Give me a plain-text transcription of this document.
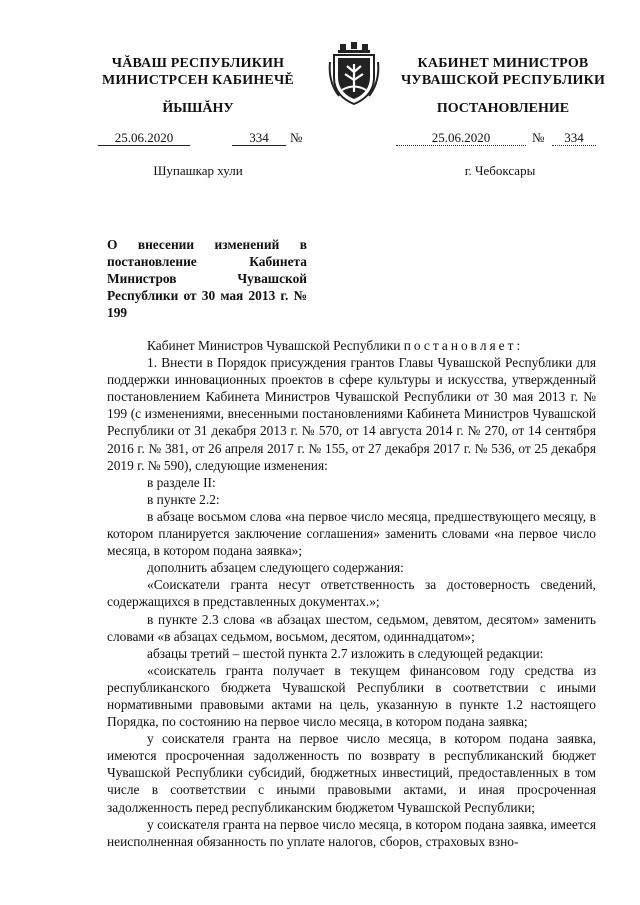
ЧĂВАШ РЕСПУБЛИКИН
МИНИСТРСЕН КАБИНЕЧĚ
ЙЫШĂНУ
КАБИНЕТ МИНИСТРОВ
ЧУВАШСКОЙ РЕСПУБЛИКИ
ПОСТАНОВЛЕНИЕ
25.06.2020	334	№	25.06.2020	№	334
Шупашкар хули	г. Чебоксары
О внесении изменений в постановление Кабинета Министров Чувашской Республики от 30 мая 2013 г. № 199

Кабинет Министров Чувашской Республики постановляет:

1. Внести в Порядок присуждения грантов Главы Чувашской Республики для поддержки инновационных проектов в сфере культуры и искусства, утвержденный постановлением Кабинета Министров Чувашской Республики от 30 мая 2013 г. № 199 (с изменениями, внесенными постановлениями Кабинета Министров Чувашской Республики от 31 декабря 2013 г. № 570, от 14 августа 2014 г. № 270, от 14 сентября 2016 г. № 381, от 26 апреля 2017 г. № 155, от 27 декабря 2017 г. № 536, от 25 декабря 2019 г. № 590), следующие изменения:

в разделе II:

в пункте 2.2:

в абзаце восьмом слова «на первое число месяца, предшествующего месяцу, в котором планируется заключение соглашения» заменить словами «на первое число месяца, в котором подана заявка»;

дополнить абзацем следующего содержания:

«Соискатели гранта несут ответственность за достоверность сведений, содержащихся в представленных документах.»;

в пункте 2.3 слова «в абзацах шестом, седьмом, девятом, десятом» заменить словами «в абзацах седьмом, восьмом, десятом, одиннадцатом»;

абзацы третий – шестой пункта 2.7 изложить в следующей редакции:

«соискатель гранта получает в текущем финансовом году средства из республиканского бюджета Чувашской Республики в соответствии с иными нормативными правовыми актами на цель, указанную в пункте 1.2 настоящего Порядка, по состоянию на первое число месяца, в котором подана заявка;

у соискателя гранта на первое число месяца, в котором подана заявка, имеются просроченная задолженность по возврату в республиканский бюджет Чувашской Республики субсидий, бюджетных инвестиций, предоставленных в том числе в соответствии с иными правовыми актами, и иная просроченная задолженность перед республиканским бюджетом Чувашской Республики;

у соискателя гранта на первое число месяца, в котором подана заявка, имеется неисполненная обязанность по уплате налогов, сборов, страховых взно-
